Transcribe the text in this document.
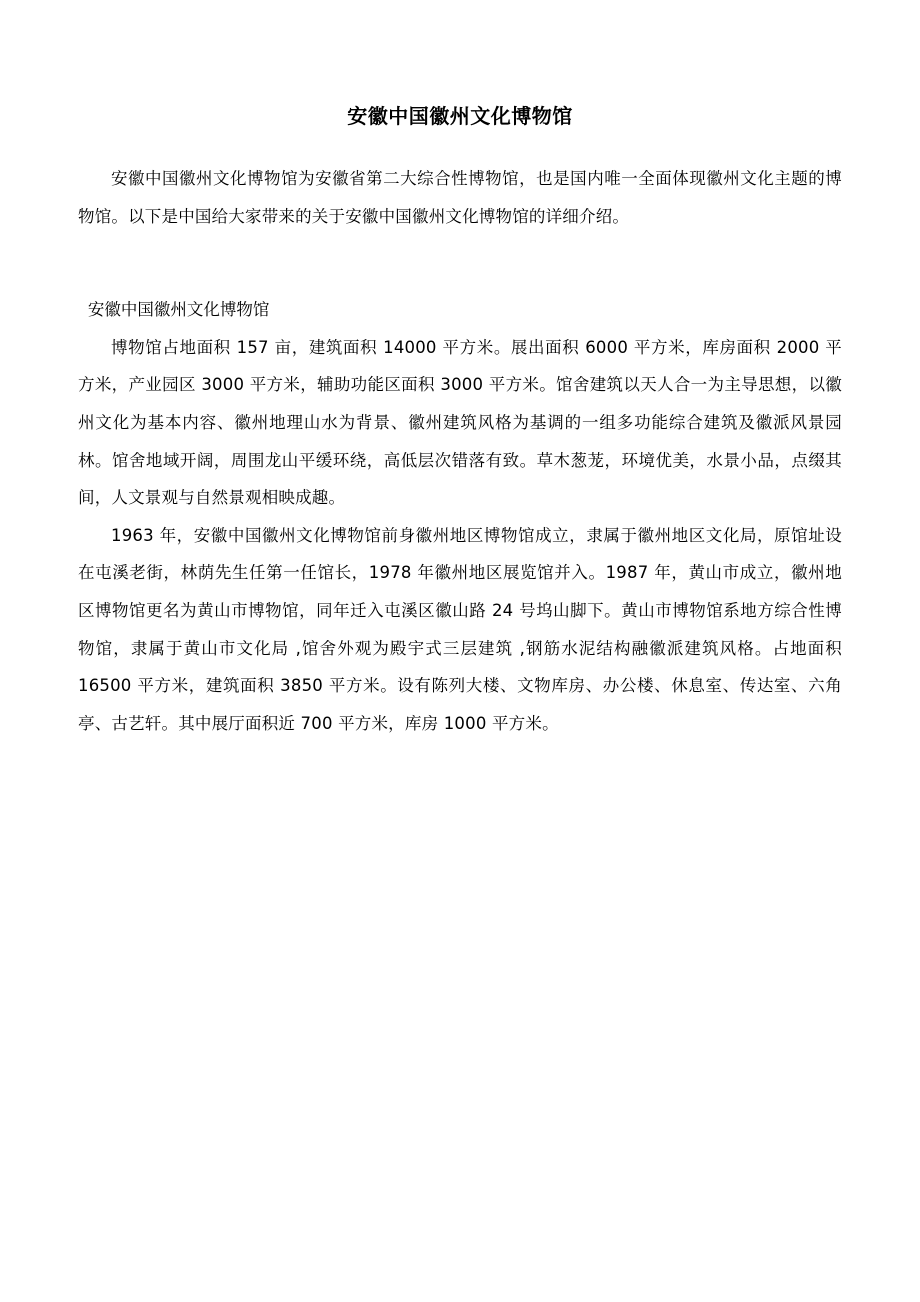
安徽中国徽州文化博物馆

安徽中国徽州文化博物馆为安徽省第二大综合性博物馆，也是国内唯一全面体现徽州文化主题的博物馆。以下是中国给大家带来的关于安徽中国徽州文化博物馆的详细介绍。

安徽中国徽州文化博物馆

博物馆占地面积 157 亩，建筑面积 14000 平方米。展出面积 6000 平方米，库房面积 2000 平方米，产业园区 3000 平方米，辅助功能区面积 3000 平方米。馆舍建筑以天人合一为主导思想，以徽州文化为基本内容、徽州地理山水为背景、徽州建筑风格为基调的一组多功能综合建筑及徽派风景园林。馆舍地域开阔，周围龙山平缓环绕，高低层次错落有致。草木葱茏，环境优美，水景小品，点缀其间，人文景观与自然景观相映成趣。

1963 年，安徽中国徽州文化博物馆前身徽州地区博物馆成立，隶属于徽州地区文化局，原馆址设在屯溪老街，林荫先生任第一任馆长，1978 年徽州地区展览馆并入。1987 年，黄山市成立，徽州地区博物馆更名为黄山市博物馆，同年迁入屯溪区徽山路 24 号坞山脚下。黄山市博物馆系地方综合性博物馆，隶属于黄山市文化局 ,馆舍外观为殿宇式三层建筑 ,钢筋水泥结构融徽派建筑风格。占地面积 16500 平方米，建筑面积 3850 平方米。设有陈列大楼、文物库房、办公楼、休息室、传达室、六角亭、古艺轩。其中展厅面积近 700 平方米，库房 1000 平方米。
